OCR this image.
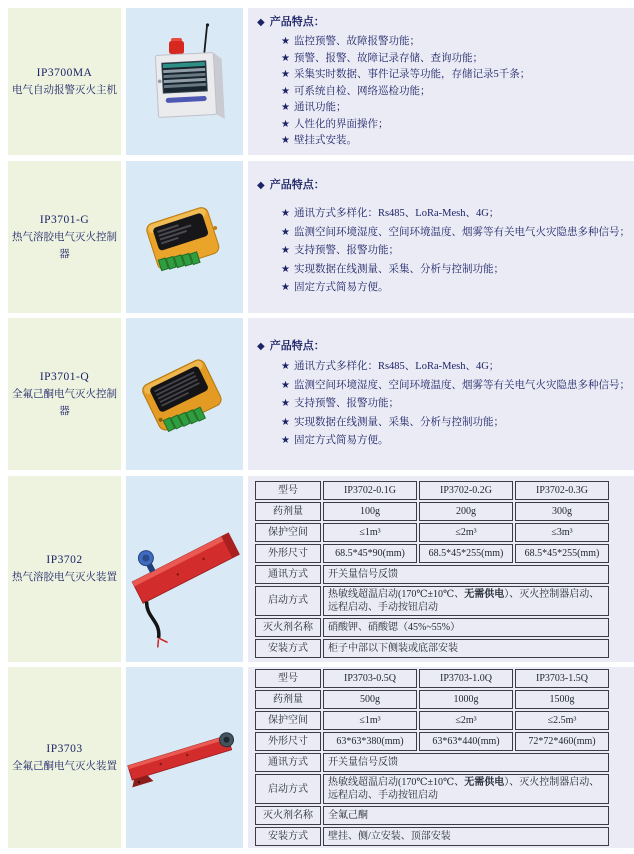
IP3700MA
电气自动报警灭火主机
◆ 产品特点：
★ 监控预警、故障报警功能；
★ 预警、报警、故障记录存储、查询功能；
★ 采集实时数据、事件记录等功能，存储记录5千条；
★ 可系统自检、网络巡检功能；
★ 通讯功能；
★ 人性化的界面操作；
★ 壁挂式安装。
IP3701-G
热气溶胶电气灭火控制器
◆ 产品特点：
★ 通讯方式多样化：Rs485、LoRa-Mesh、4G；
★ 监测空间环境湿度、空间环境温度、烟雾等有关电气火灾隐患多种信号；
★ 支持预警、报警功能；
★ 实现数据在线测量、采集、分析与控制功能；
★ 固定方式简易方便。
IP3701-Q
全氟己酮电气灭火控制器
◆ 产品特点：
★ 通讯方式多样化：Rs485、LoRa-Mesh、4G；
★ 监测空间环境湿度、空间环境温度、烟雾等有关电气火灾隐患多种信号；
★ 支持预警、报警功能；
★ 实现数据在线测量、采集、分析与控制功能；
★ 固定方式简易方便。
IP3702
热气溶胶电气灭火装置
型号	IP3702-0.1G	IP3702-0.2G	IP3702-0.3G
药剂量	100g	200g	300g
保护空间	≤1m³	≤2m³	≤3m³
外形尺寸	68.5*45*90(mm)	68.5*45*255(mm)	68.5*45*255(mm)
通讯方式	开关量信号反馈		
启动方式	热敏线超温启动(170℃±10℃、无需供电）、灭火控制器启动、远程启动、手动按钮启动		
灭火剂名称	硝酸钾、硝酸锶（45%~55%）		
安装方式	柜子中部以下侧装或底部安装		
IP3703
全氟己酮电气灭火装置
型号	IP3703-0.5Q	IP3703-1.0Q	IP3703-1.5Q
药剂量	500g	1000g	1500g
保护空间	≤1m³	≤2m³	≤2.5m³
外形尺寸	63*63*380(mm)	63*63*440(mm)	72*72*460(mm)
通讯方式	开关量信号反馈		
启动方式	热敏线超温启动(170℃±10℃、无需供电）、灭火控制器启动、远程启动、手动按钮启动		
灭火剂名称	全氟己酮		
安装方式	壁挂、侧/立安装、顶部安装		
